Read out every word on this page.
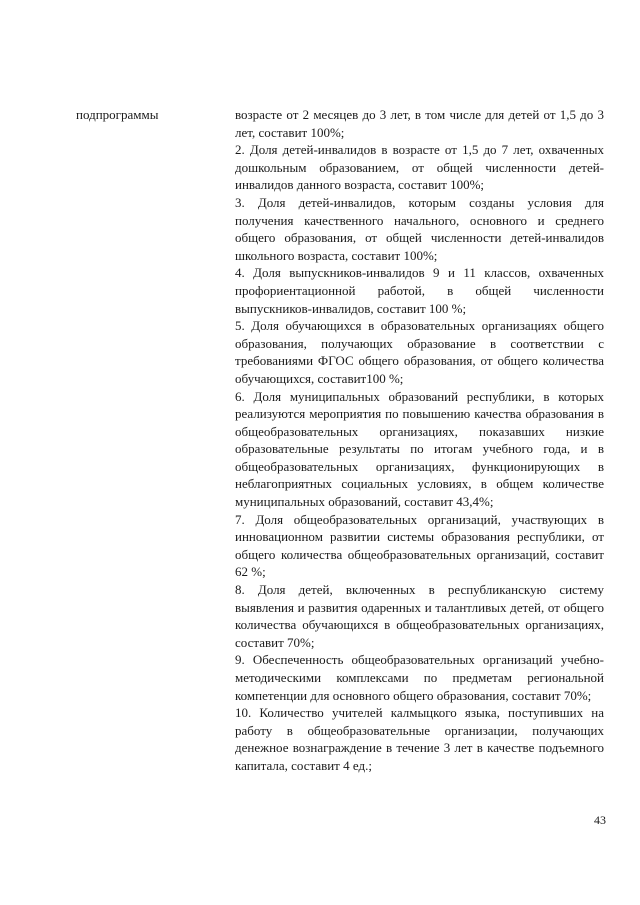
подпрограммы	возрасте от 2 месяцев до 3 лет, в том числе для детей от 1,5 до 3 лет, составит 100%;

2. Доля детей-инвалидов в возрасте от 1,5 до 7 лет, охваченных дошкольным образованием, от общей численности детей-инвалидов данного возраста, составит 100%;

3. Доля детей-инвалидов, которым созданы условия для получения качественного начального, основного и среднего общего образования, от общей численности детей-инвалидов школьного возраста, составит 100%;

4. Доля выпускников-инвалидов 9 и 11 классов, охваченных профориентационной работой, в общей численности выпускников-инвалидов, составит 100 %;

5. Доля обучающихся в образовательных организациях общего образования, получающих образование в соответствии с требованиями ФГОС общего образования, от общего количества обучающихся, составит100 %;

6. Доля муниципальных образований республики, в которых реализуются мероприятия по повышению качества образования в общеобразовательных организациях, показавших низкие образовательные результаты по итогам учебного года, и в общеобразовательных организациях, функционирующих в неблагоприятных социальных условиях, в общем количестве муниципальных образований, составит 43,4%;

7. Доля общеобразовательных организаций, участвующих в инновационном развитии системы образования республики, от общего количества общеобразовательных организаций, составит 62 %;

8. Доля детей, включенных в республиканскую систему выявления и развития одаренных и талантливых детей, от общего количества обучающихся в общеобразовательных организациях, составит 70%;

9. Обеспеченность общеобразовательных организаций учебно-методическими комплексами по предметам региональной компетенции для основного общего образования, составит 70%;

10. Количество учителей калмыцкого языка, поступивших на работу в общеобразовательные организации, получающих денежное вознаграждение в течение 3 лет в качестве подъемного капитала, составит 4 ед.;

43
